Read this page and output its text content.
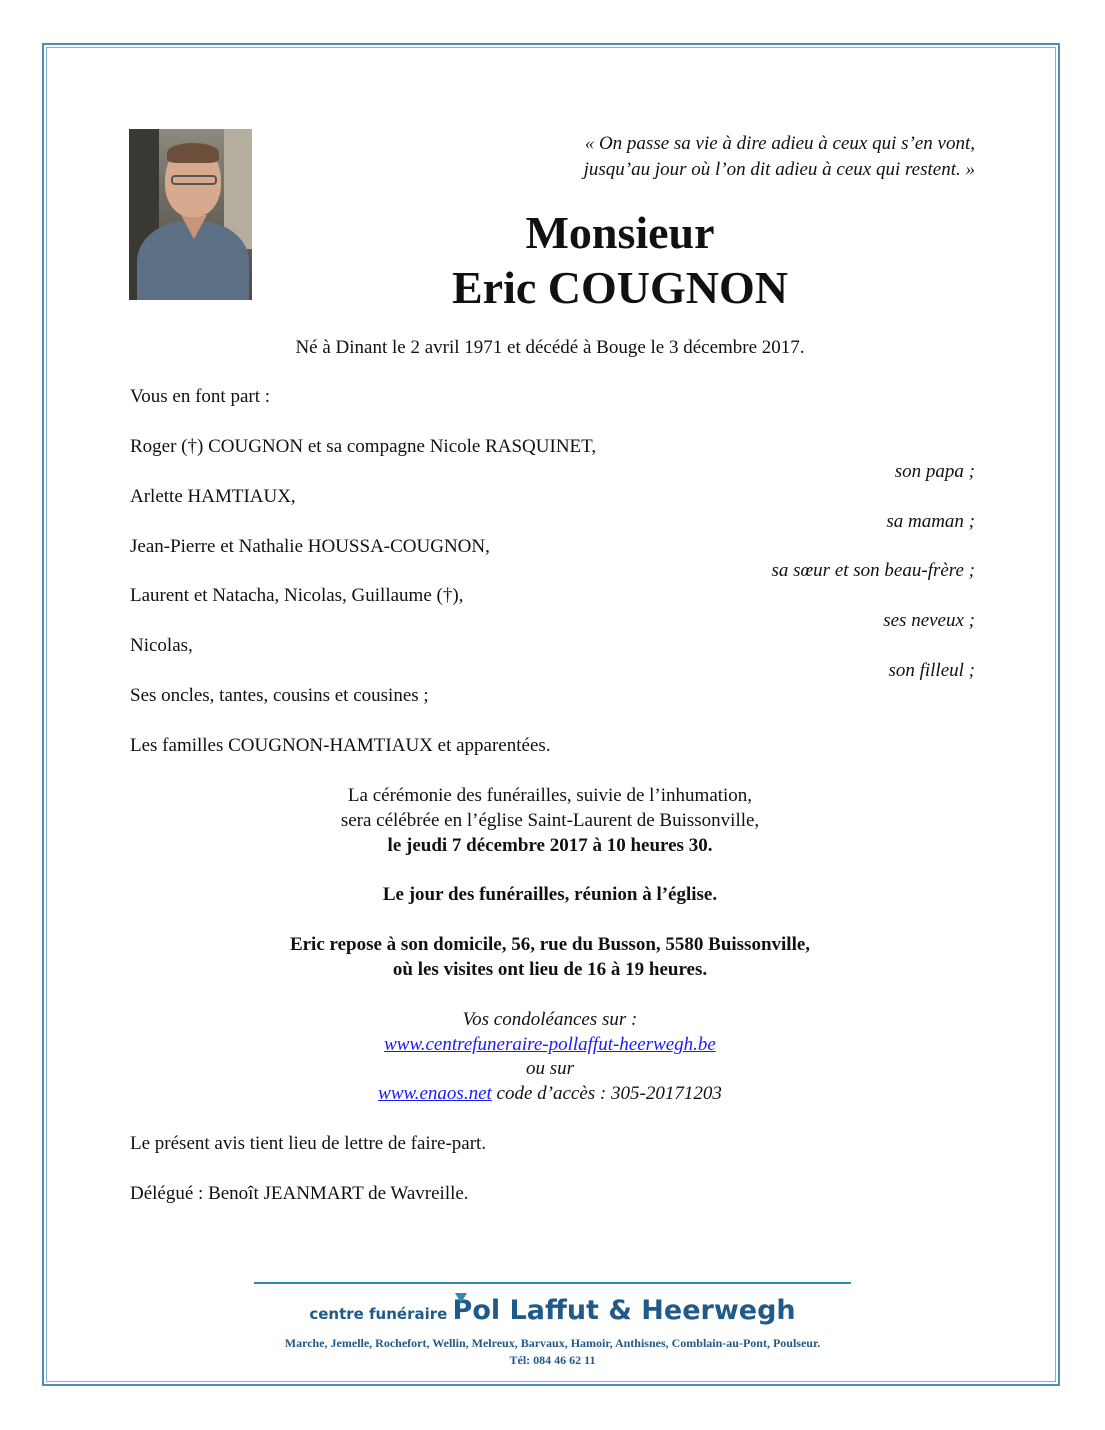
« On passe sa vie à dire adieu à ceux qui s’en vont,
jusqu’au jour où l’on dit adieu à ceux qui restent. »
Monsieur
Eric COUGNON
Né à Dinant le 2 avril 1971 et décédé à Bouge le 3 décembre 2017.
Vous en font part :
Roger (†) COUGNON et sa compagne Nicole RASQUINET,
son papa ;
Arlette HAMTIAUX,
sa maman ;
Jean-Pierre et Nathalie HOUSSA-COUGNON,
sa sœur et son beau-frère ;
Laurent et Natacha, Nicolas, Guillaume (†),
ses neveux ;
Nicolas,
son filleul ;
Ses oncles, tantes, cousins et cousines ;
Les familles COUGNON-HAMTIAUX et apparentées.
La cérémonie des funérailles, suivie de l’inhumation,
sera célébrée en l’église Saint-Laurent de Buissonville,
le jeudi 7 décembre 2017 à 10 heures 30.
Le jour des funérailles, réunion à l’église.
Eric repose à son domicile, 56, rue du Busson, 5580 Buissonville,
où les visites ont lieu de 16 à 19 heures.
Vos condoléances sur :
www.centrefuneraire-pollaffut-heerwegh.be
ou sur
www.enaos.net code d’accès : 305-20171203
Le présent avis tient lieu de lettre de faire-part.
Délégué : Benoît JEANMART de Wavreille.
centre funéraire Pol Laffut & Heerwegh
Marche, Jemelle, Rochefort, Wellin, Melreux, Barvaux, Hamoir, Anthisnes, Comblain-au-Pont, Poulseur.
Tél: 084 46 62 11
